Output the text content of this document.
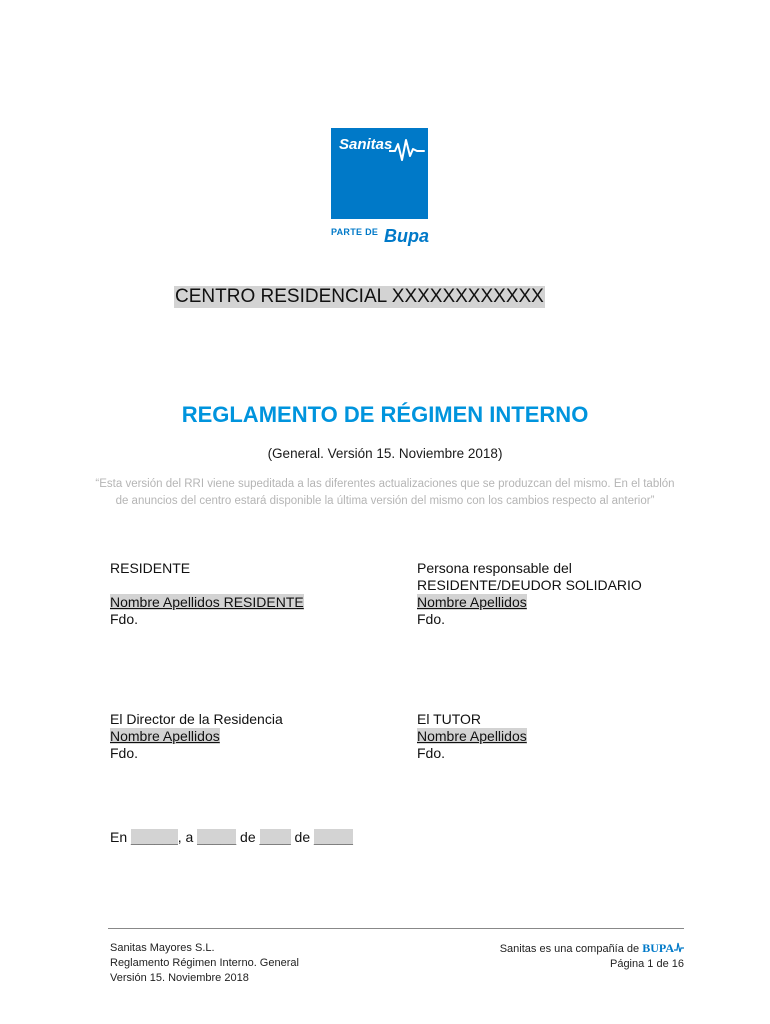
Sanitas
PARTE DE Bupa
CENTRO RESIDENCIAL XXXXXXXXXXXX
REGLAMENTO DE RÉGIMEN INTERNO
(General. Versión 15. Noviembre 2018)
“Esta versión del RRI viene supeditada a las diferentes actualizaciones que se produzcan del mismo. En el tablón de anuncios del centro estará disponible la última versión del mismo con los cambios respecto al anterior”
RESIDENTE
Nombre Apellidos RESIDENTE
Fdo.
Persona responsable del
RESIDENTE/DEUDOR SOLIDARIO
Nombre Apellidos
Fdo.
El Director de la Residencia
Nombre Apellidos
Fdo.
El TUTOR
Nombre Apellidos
Fdo.
En ______, a _____ de ____ de _____
Sanitas Mayores S.L.
Reglamento Régimen Interno. General
Versión 15. Noviembre 2018
Sanitas es una compañía de BUPA
Página 1 de 16
